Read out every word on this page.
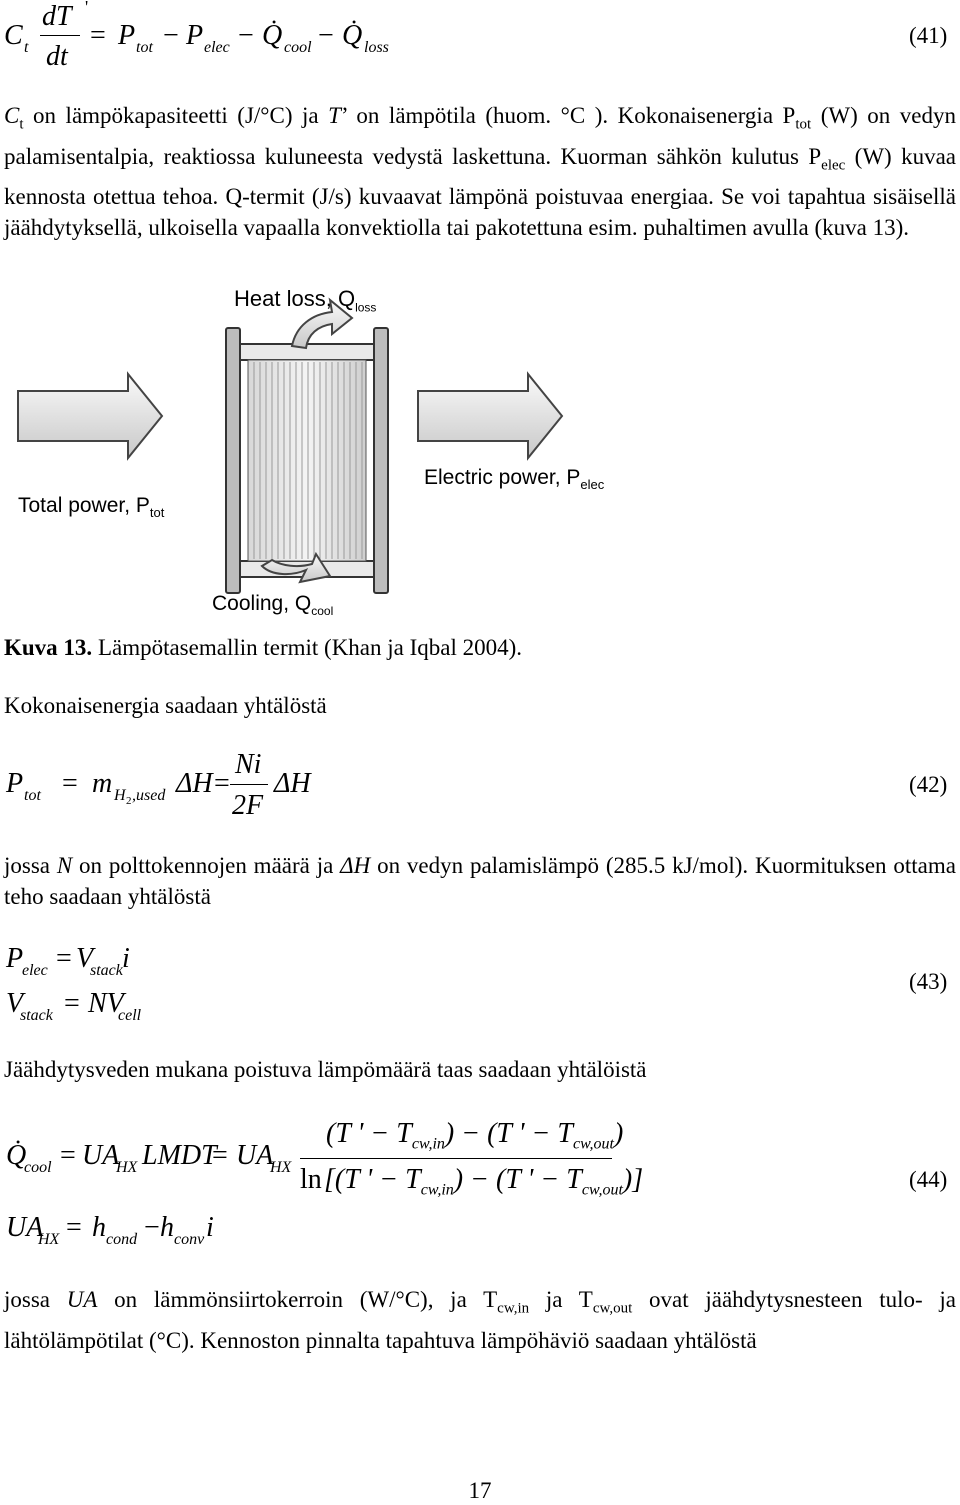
C t
dT '
dt
= P tot − P elec − Q̇ cool − Q̇ loss	(41)
$C_t$ on lämpökapasiteetti (J/°C) ja T’ on lämpötila (huom. °C ). Kokonaisenergia $P_{tot}$ (W) on vedyn palamisentalpia, reaktiossa kuluneesta vedystä laskettuna. Kuorman sähkön kulutus $P_{elec}$ (W) kuvaa kennosta otettua tehoa. Q-termit (J/s) kuvaavat lämpönä poistuvaa energiaa. Se voi tapahtua sisäisellä jäähdytyksellä, ulkoisella vapaalla konvektiolla tai pakotettuna esim. puhaltimen avulla (kuva 13).
Heat loss, $Q_{loss}$
Electric power, $P_{elec}$
Total power, $P_{tot}$
Cooling, $Q_{cool}$
Kuva 13. Lämpötasemallin termit (Khan ja Iqbal 2004).
Kokonaisenergia saadaan yhtälöstä
P tot = m H 2 ,used ΔH =
Ni
2F
ΔH	(42)
jossa N on polttokennojen määrä ja ΔH on vedyn palamislämpö (285.5 kJ/mol). Kuormituksen ottama teho saadaan yhtälöstä
P
elec = V
stack i
V
stack = NV
cell
(43)
Jäähdytysveden mukana poistuva lämpömäärä taas saadaan yhtälöistä
Q̇
cool = UA
HX LMDT
= UA
HX
(T ' − $T_{cw,in}) - (T$ ' − $T_{cw,out}$)
ln [(T ' − $T_{cw,in}) - (T$ ' − $T_{cw,out}$)]
UA
HX = h cond − h conv i
(44)
jossa UA on lämmönsiirtokerroin (W/°C), ja $T_{cw,in}$ ja $T_{cw,out}$ ovat jäähdytysnesteen tulo- ja lähtölämpötilat (°C). Kennoston pinnalta tapahtuva lämpöhäviö saadaan yhtälöstä
17
